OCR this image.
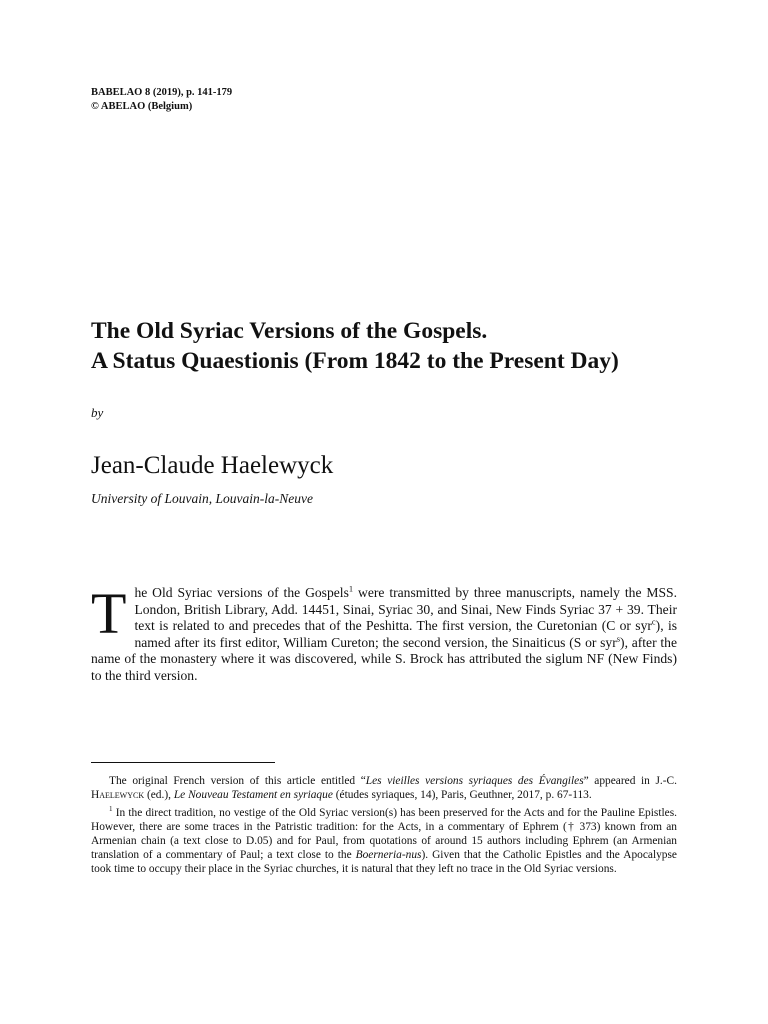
BABELAO 8 (2019), p. 141-179
© ABELAO (Belgium)
The Old Syriac Versions of the Gospels.
A Status Quaestionis (From 1842 to the Present Day)
by
Jean-Claude Haelewyck
University of Louvain, Louvain-la-Neuve
The Old Syriac versions of the Gospels$^1$ were transmitted by three manuscripts, namely the MSS. London, British Library, Add. 14451, Sinai, Syriac 30, and Sinai, New Finds Syriac 37 + 39. Their text is related to and precedes that of the Peshitta. The first version, the Curetonian (C or syr$^c$), is named after its first editor, William Cureton; the second version, the Sinaiticus (S or syr$^s$), after the name of the monastery where it was discovered, while S. Brock has attributed the siglum NF (New Finds) to the third version.

The original French version of this article entitled “Les vieilles versions syriaques des Évangiles” appeared in J.-C. Haelewyck (ed.), Le Nouveau Testament en syriaque (études syriaques, 14), Paris, Geuthner, 2017, p. 67-113.

$^1$ In the direct tradition, no vestige of the Old Syriac version(s) has been preserved for the Acts and for the Pauline Epistles. However, there are some traces in the Patristic tradition: for the Acts, in a commentary of Ephrem († 373) known from an Armenian chain (a text close to D.05) and for Paul, from quotations of around 15 authors including Ephrem (an Armenian translation of a commentary of Paul; a text close to the Boerneria-nus). Given that the Catholic Epistles and the Apocalypse took time to occupy their place in the Syriac churches, it is natural that they left no trace in the Old Syriac versions.
